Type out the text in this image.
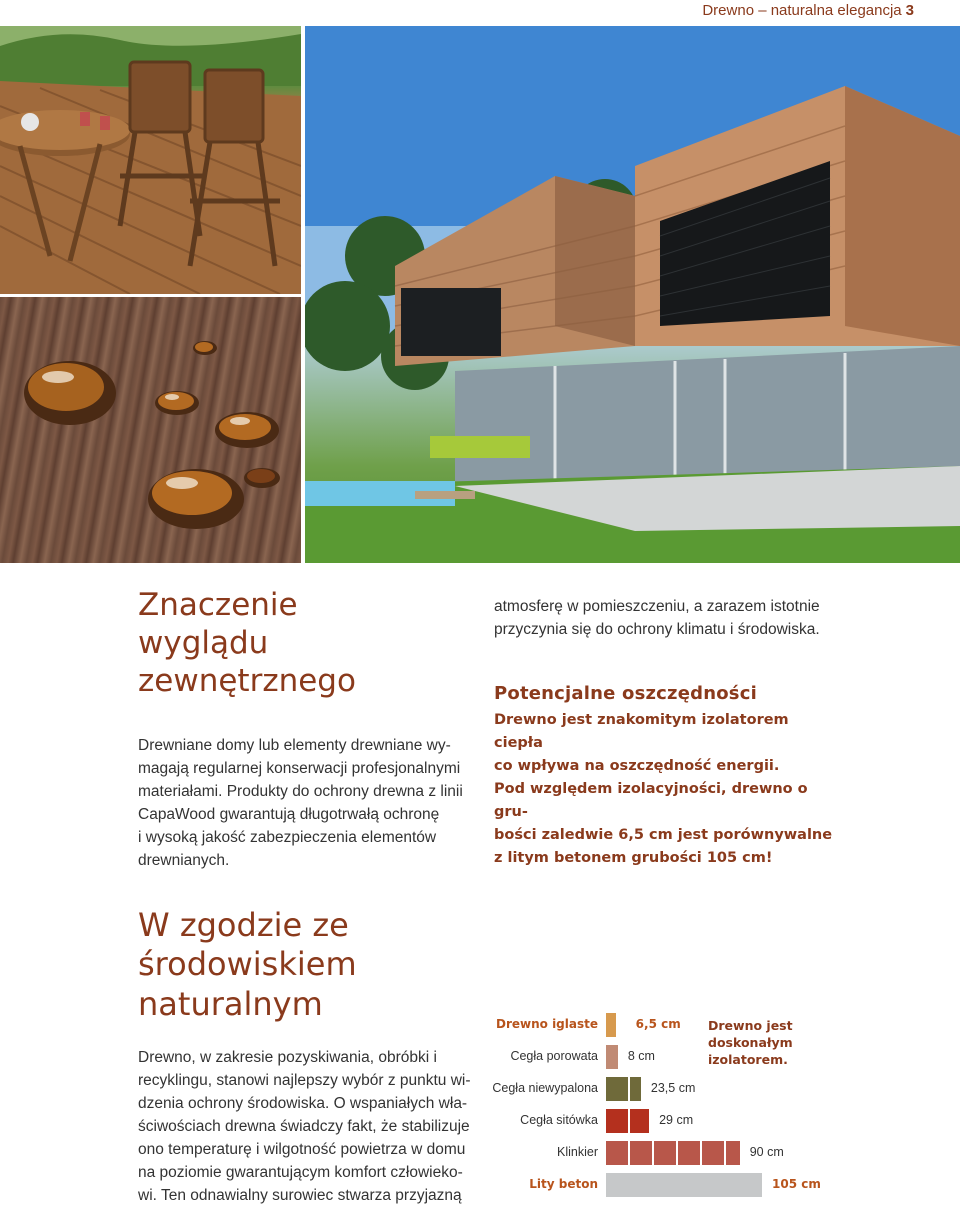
Drewno – naturalna elegancja 3
Znaczenie
wyglądu
zewnętrznego

Drewniane domy lub elementy drewniane wy-
magają regularnej konserwacji profesjonalnymi
materiałami. Produkty do ochrony drewna z linii
CapaWood gwarantują długotrwałą ochronę
i wysoką jakość zabezpieczenia elementów
drewnianych.

atmosferę w pomieszczeniu, a zarazem istotnie
przyczynia się do ochrony klimatu i środowiska.

Potencjalne oszczędności

Drewno jest znakomitym izolatorem ciepła
co wpływa na oszczędność energii.
Pod względem izolacyjności, drewno o gru-
bości zaledwie 6,5 cm jest porównywalne
z litym betonem grubości 105 cm!

W zgodzie ze
środowiskiem
naturalnym

Drewno, w zakresie pozyskiwania, obróbki i
recyklingu, stanowi najlepszy wybór z punktu wi-
dzenia ochrony środowiska. O wspaniałych wła-
ściwościach drewna świadczy fakt, że stabilizuje
ono temperaturę i wilgotność powietrza w domu
na poziomie gwarantującym komfort człowieko-
wi. Ten odnawialny surowiec stwarza przyjazną

Drewno iglaste	6,5 cm
Cegła porowata 8 cm
Cegła niewypalona	23,5 cm
Cegła sitówka	29 cm
Klinkier	90 cm
Lity beton	105 cm
Drewno jest
doskonałym izolatorem.
